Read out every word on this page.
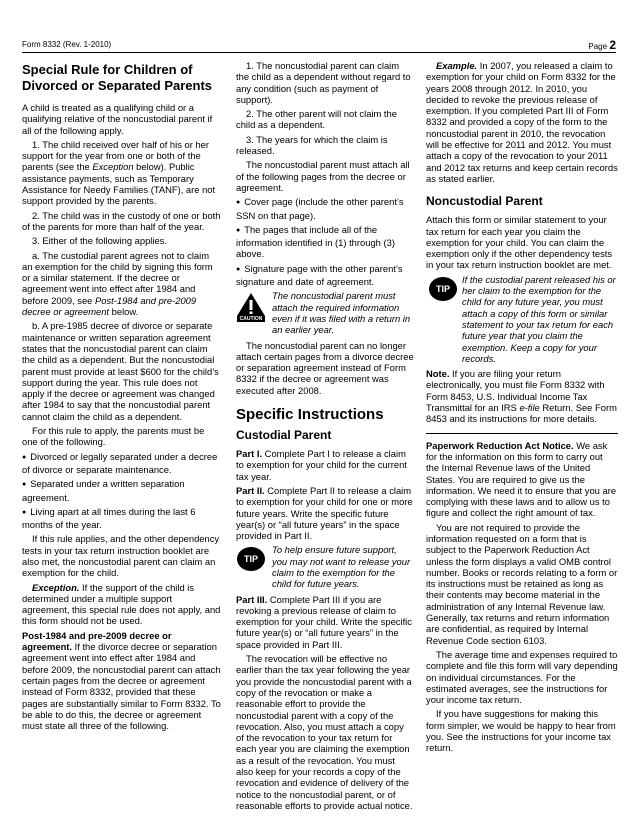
Form 8332 (Rev. 1-2010)	Page 2
Special Rule for Children of Divorced or Separated Parents

A child is treated as a qualifying child or a qualifying relative of the noncustodial parent if all of the following apply.

1. The child received over half of his or her support for the year from one or both of the parents (see the Exception below). Public assistance payments, such as Temporary Assistance for Needy Families (TANF), are not support provided by the parents.

2. The child was in the custody of one or both of the parents for more than half of the year.

3. Either of the following applies.

a. The custodial parent agrees not to claim an exemption for the child by signing this form or a similar statement. If the decree or agreement went into effect after 1984 and before 2009, see Post-1984 and pre-2009 decree or agreement below.

b. A pre-1985 decree of divorce or separate maintenance or written separation agreement states that the noncustodial parent can claim the child as a dependent. But the noncustodial parent must provide at least $600 for the child’s support during the year. This rule does not apply if the decree or agreement was changed after 1984 to say that the noncustodial parent cannot claim the child as a dependent.

For this rule to apply, the parents must be one of the following.

● Divorced or legally separated under a decree of divorce or separate maintenance.

● Separated under a written separation agreement.

● Living apart at all times during the last 6 months of the year.

If this rule applies, and the other dependency tests in your tax return instruction booklet are also met, the noncustodial parent can claim an exemption for the child.

Exception. If the support of the child is determined under a multiple support agreement, this special rule does not apply, and this form should not be used.

Post-1984 and pre-2009 decree or agreement. If the divorce decree or separation agreement went into effect after 1984 and before 2009, the noncustodial parent can attach certain pages from the decree or agreement instead of Form 8332, provided that these pages are substantially similar to Form 8332. To be able to do this, the decree or agreement must state all three of the following.

1. The noncustodial parent can claim the child as a dependent without regard to any condition (such as payment of support).

2. The other parent will not claim the child as a dependent.

3. The years for which the claim is released.

The noncustodial parent must attach all of the following pages from the decree or agreement.

● Cover page (include the other parent’s SSN on that page).

● The pages that include all of the information identified in (1) through (3) above.

● Signature page with the other parent’s signature and date of agreement.

CAUTION
The noncustodial parent must attach the required information even if it was filed with a return in an earlier year.

The noncustodial parent can no longer attach certain pages from a divorce decree or separation agreement instead of Form 8332 if the decree or agreement was executed after 2008.

Specific Instructions
Custodial Parent

Part I. Complete Part I to release a claim to exemption for your child for the current tax year.

Part II. Complete Part II to release a claim to exemption for your child for one or more future years. Write the specific future year(s) or “all future years” in the space provided in Part II.

TIP
To help ensure future support, you may not want to release your claim to the exemption for the child for future years.

Part III. Complete Part III if you are revoking a previous release of claim to exemption for your child. Write the specific future year(s) or “all future years” in the space provided in Part III.

The revocation will be effective no earlier than the tax year following the year you provide the noncustodial parent with a copy of the revocation or make a reasonable effort to provide the noncustodial parent with a copy of the revocation. Also, you must attach a copy of the revocation to your tax return for each year you are claiming the exemption as a result of the revocation. You must also keep for your records a copy of the revocation and evidence of delivery of the notice to the noncustodial parent, or of reasonable efforts to provide actual notice.

Example. In 2007, you released a claim to exemption for your child on Form 8332 for the years 2008 through 2012. In 2010, you decided to revoke the previous release of exemption. If you completed Part III of Form 8332 and provided a copy of the form to the noncustodial parent in 2010, the revocation will be effective for 2011 and 2012. You must attach a copy of the revocation to your 2011 and 2012 tax returns and keep certain records as stated earlier.

Noncustodial Parent

Attach this form or similar statement to your tax return for each year you claim the exemption for your child. You can claim the exemption only if the other dependency tests in your tax return instruction booklet are met.

TIP
If the custodial parent released his or her claim to the exemption for the child for any future year, you must attach a copy of this form or similar statement to your tax return for each future year that you claim the exemption. Keep a copy for your records.

Note. If you are filing your return electronically, you must file Form 8332 with Form 8453, U.S. Individual Income Tax Transmittal for an IRS e-file Return. See Form 8453 and its instructions for more details.

Paperwork Reduction Act Notice. We ask for the information on this form to carry out the Internal Revenue laws of the United States. You are required to give us the information. We need it to ensure that you are complying with these laws and to allow us to figure and collect the right amount of tax.

You are not required to provide the information requested on a form that is subject to the Paperwork Reduction Act unless the form displays a valid OMB control number. Books or records relating to a form or its instructions must be retained as long as their contents may become material in the administration of any Internal Revenue law. Generally, tax returns and return information are confidential, as required by Internal Revenue Code section 6103.

The average time and expenses required to complete and file this form will vary depending on individual circumstances. For the estimated averages, see the instructions for your income tax return.

If you have suggestions for making this form simpler, we would be happy to hear from you. See the instructions for your income tax return.
